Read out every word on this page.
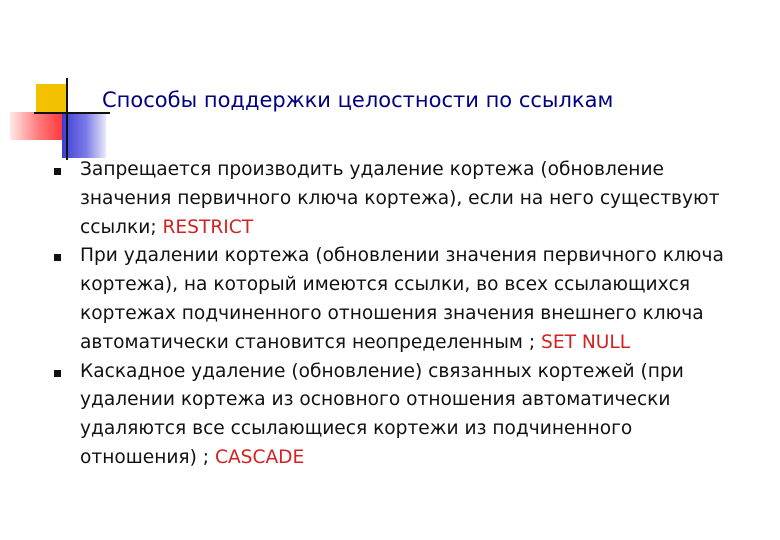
Способы поддержки целостности по ссылкам
Запрещается производить удаление кортежа (обновление значения первичного ключа кортежа), если на него существуют ссылки; RESTRICT
При удалении кортежа (обновлении значения первичного ключа кортежа), на который имеются ссылки, во всех ссылающихся кортежах подчиненного отношения значения внешнего ключа автоматически становится неопределенным ; SET NULL
Каскадное удаление (обновление) связанных кортежей (при удалении кортежа из основного отношения автоматически удаляются все ссылающиеся кортежи из подчиненного отношения) ; CASCADE
